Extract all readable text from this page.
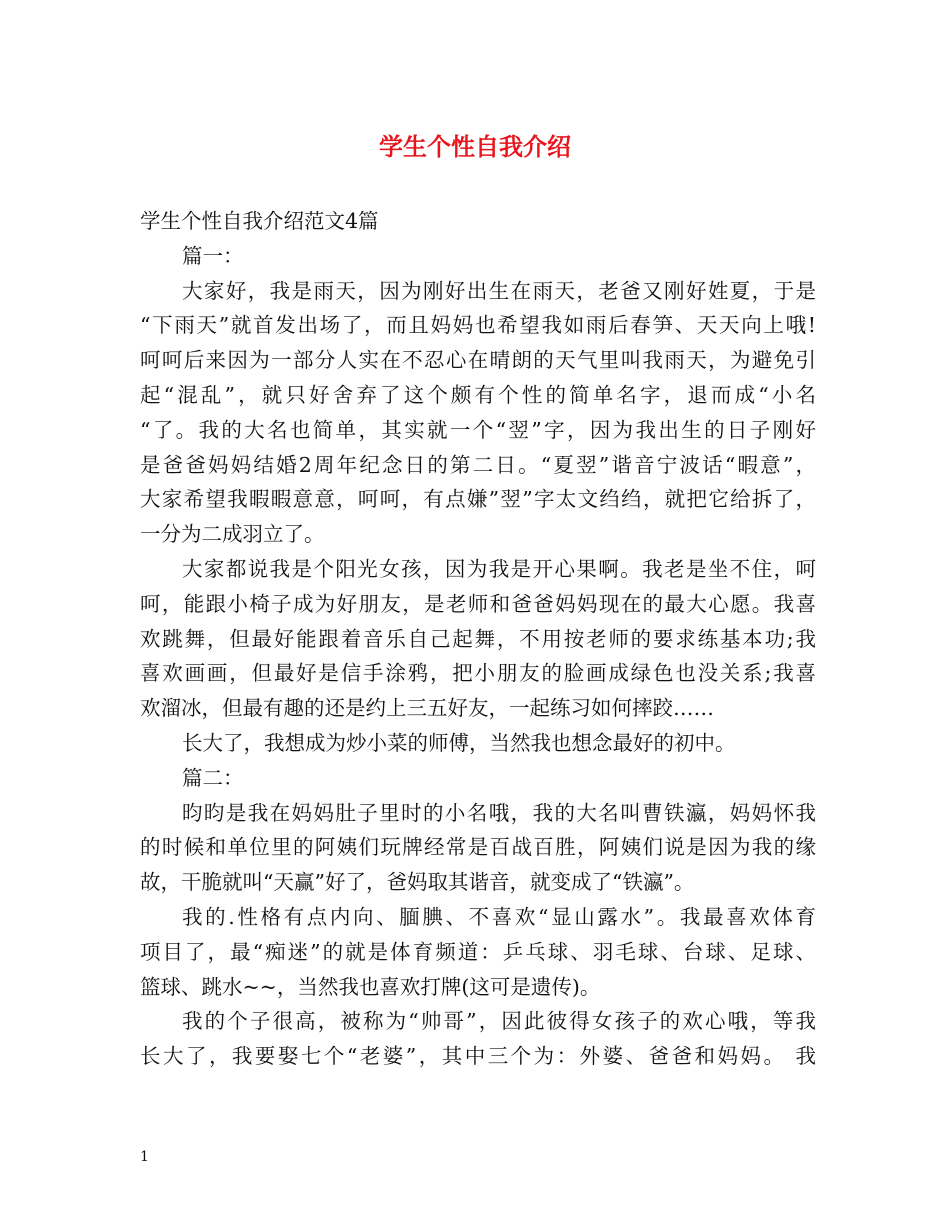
学生个性自我介绍

学生个性自我介绍范文4篇

篇一：

大家好，我是雨天，因为刚好出生在雨天，老爸又刚好姓夏，于是

“下雨天”就首发出场了，而且妈妈也希望我如雨后春笋、天天向上哦!

呵呵后来因为一部分人实在不忍心在晴朗的天气里叫我雨天，为避免引

起“混乱”，就只好舍弃了这个颇有个性的简单名字，退而成“小名

“了。我的大名也简单，其实就一个“翌”字，因为我出生的日子刚好

是爸爸妈妈结婚2周年纪念日的第二日。“夏翌”谐音宁波话“暇意”，

大家希望我暇暇意意，呵呵，有点嫌”翌”字太文绉绉，就把它给拆了，

一分为二成羽立了。

大家都说我是个阳光女孩，因为我是开心果啊。我老是坐不住，呵

呵，能跟小椅子成为好朋友，是老师和爸爸妈妈现在的最大心愿。我喜

欢跳舞，但最好能跟着音乐自己起舞，不用按老师的要求练基本功;我

喜欢画画，但最好是信手涂鸦，把小朋友的脸画成绿色也没关系;我喜

欢溜冰，但最有趣的还是约上三五好友，一起练习如何摔跤……

长大了，我想成为炒小菜的师傅，当然我也想念最好的初中。

篇二：

昀昀是我在妈妈肚子里时的小名哦，我的大名叫曹铁瀛，妈妈怀我

的时候和单位里的阿姨们玩牌经常是百战百胜，阿姨们说是因为我的缘

故，干脆就叫“天赢”好了，爸妈取其谐音，就变成了“铁瀛”。

我的.性格有点内向、腼腆、不喜欢“显山露水”。我最喜欢体育

项目了，最“痴迷”的就是体育频道：乒乓球、羽毛球、台球、足球、

篮球、跳水~~，当然我也喜欢打牌(这可是遗传)。

我的个子很高，被称为“帅哥”，因此彼得女孩子的欢心哦，等我

长大了，我要娶七个“老婆”，其中三个为：外婆、爸爸和妈妈。 我

1
